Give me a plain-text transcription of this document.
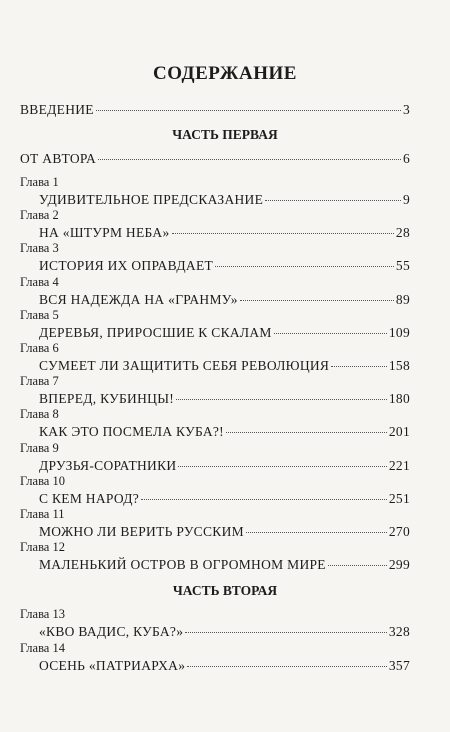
СОДЕРЖАНИЕ
ВВЕДЕНИЕ	3
ЧАСТЬ ПЕРВАЯ
ОТ АВТОРА	6
Глава 1
УДИВИТЕЛЬНОЕ ПРЕДСКАЗАНИЕ	9
Глава 2
НА «ШТУРМ НЕБА»	28
Глава 3
ИСТОРИЯ ИХ ОПРАВДАЕТ	55
Глава 4
ВСЯ НАДЕЖДА НА «ГРАНМУ»	89
Глава 5
ДЕРЕВЬЯ, ПРИРОСШИЕ К СКАЛАМ	109
Глава 6
СУМЕЕТ ЛИ ЗАЩИТИТЬ СЕБЯ РЕВОЛЮЦИЯ	158
Глава 7
ВПЕРЕД, КУБИНЦЫ!	180
Глава 8
КАК ЭТО ПОСМЕЛА КУБА?!	201
Глава 9
ДРУЗЬЯ-СОРАТНИКИ	221
Глава 10
С КЕМ НАРОД?	251
Глава 11
МОЖНО ЛИ ВЕРИТЬ РУССКИМ	270
Глава 12
МАЛЕНЬКИЙ ОСТРОВ В ОГРОМНОМ МИРЕ	299
ЧАСТЬ ВТОРАЯ
Глава 13
«КВО ВАДИС, КУБА?»	328
Глава 14
ОСЕНЬ «ПАТРИАРХА»	357
